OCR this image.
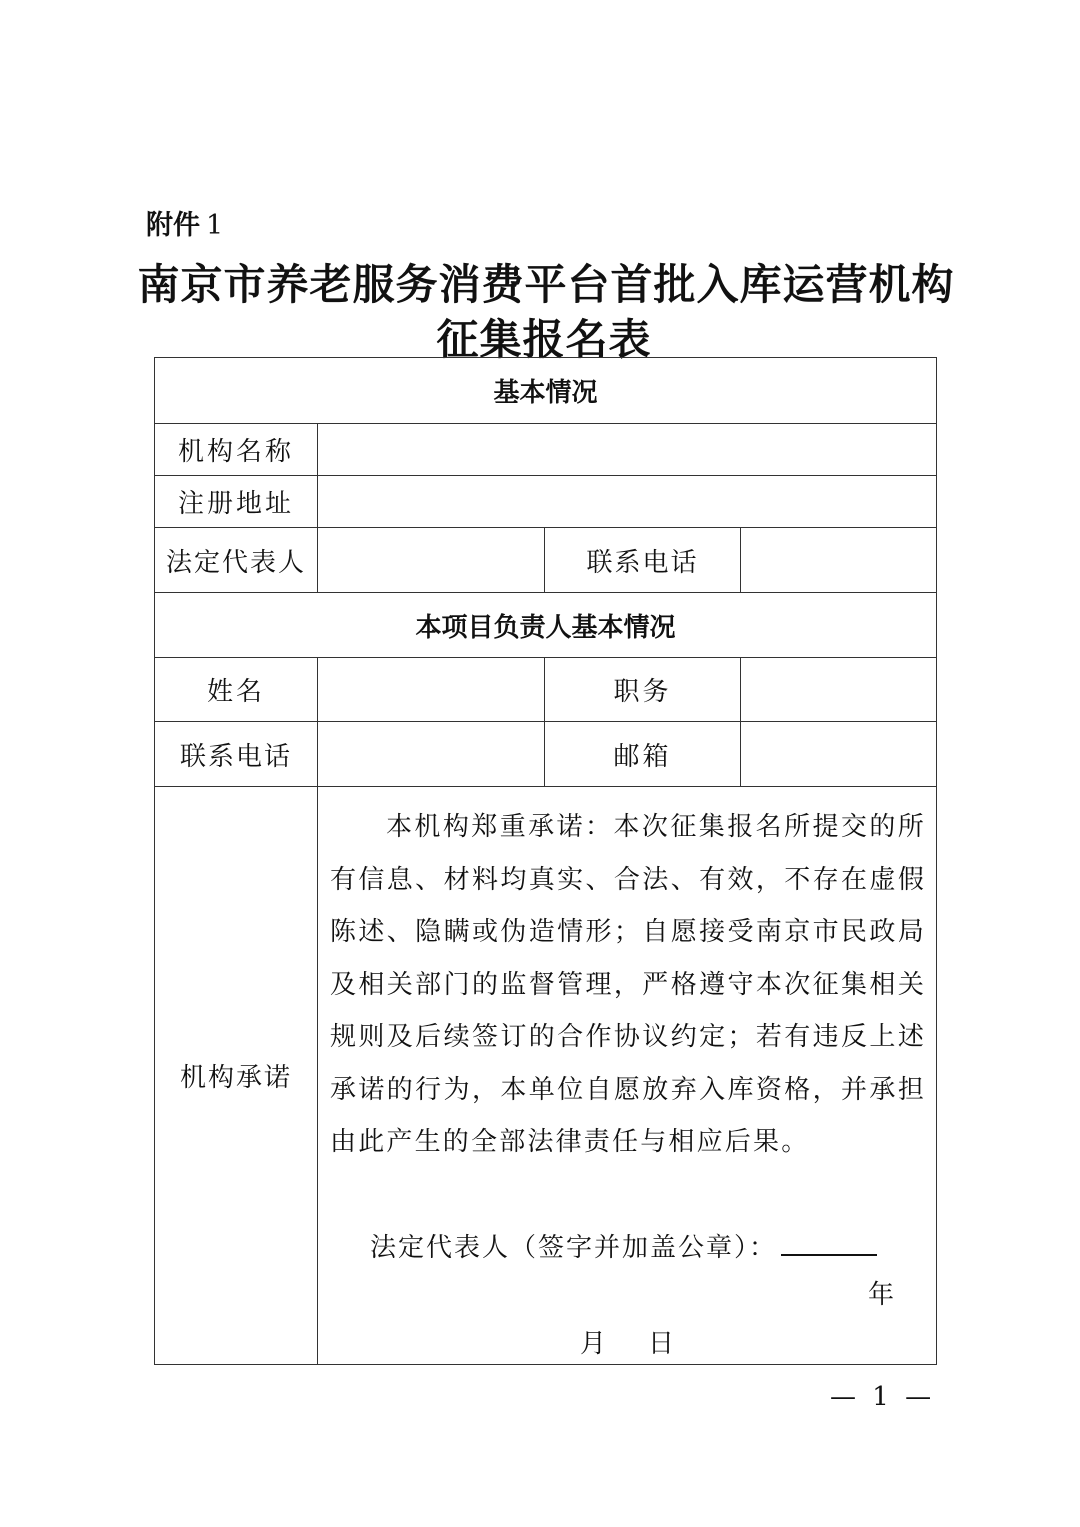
附件 1
南京市养老服务消费平台首批入库运营机构
征集报名表
基本情况			
机构名称			
注册地址			
法定代表人		联系电话	
本项目负责人基本情况			
姓名		职务	
联系电话		邮箱	
机构承诺	本机构郑重承诺：本次征集报名所提交的所有信息、材料均真实、合法、有效，不存在虚假陈述、隐瞒或伪造情形；自愿接受南京市民政局及相关部门的监督管理，严格遵守本次征集相关规则及后续签订的合作协议约定；若有违反上述承诺的行为，本单位自愿放弃入库资格，并承担由此产生的全部法律责任与相应后果。
法定代表人（签字并加盖公章）：
年
月 日		
— 1 —
